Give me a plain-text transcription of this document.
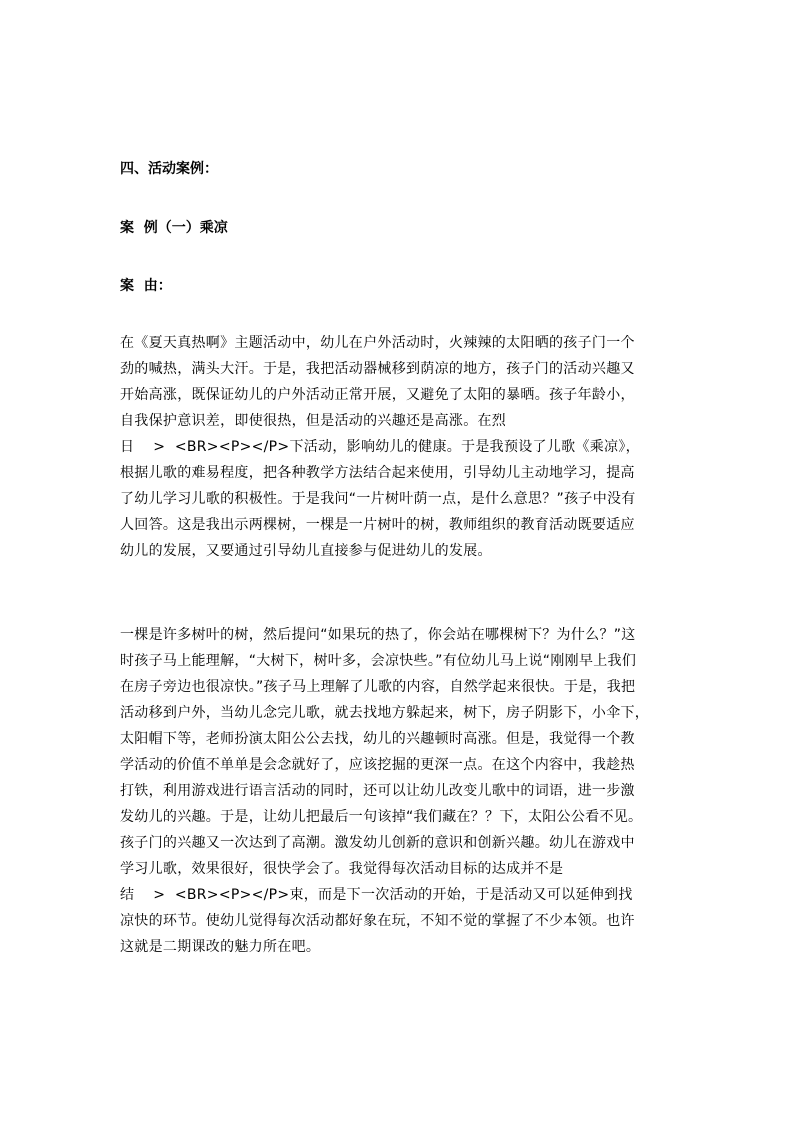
四、活动案例：
案  例（一）乘凉
案  由：
在《夏天真热啊》主题活动中，幼儿在户外活动时，火辣辣的太阳晒的孩子门一个
劲的喊热，满头大汗。于是，我把活动器械移到荫凉的地方，孩子门的活动兴趣又
开始高涨，既保证幼儿的户外活动正常开展，又避免了太阳的暴晒。孩子年龄小，
自我保护意识差，即使很热，但是活动的兴趣还是高涨。在烈
日    >  <BR><P></P>下活动，影响幼儿的健康。于是我预设了儿歌《乘凉》，
根据儿歌的难易程度，把各种教学方法结合起来使用，引导幼儿主动地学习，提高
了幼儿学习儿歌的积极性。于是我问“一片树叶荫一点，是什么意思？”孩子中没有
人回答。这是我出示两棵树，一棵是一片树叶的树，教师组织的教育活动既要适应
幼儿的发展，又要通过引导幼儿直接参与促进幼儿的发展。
一棵是许多树叶的树，然后提问“如果玩的热了，你会站在哪棵树下？为什么？”这
时孩子马上能理解，“大树下，树叶多，会凉快些。”有位幼儿马上说“刚刚早上我们
在房子旁边也很凉快。”孩子马上理解了儿歌的内容，自然学起来很快。于是，我把
活动移到户外，当幼儿念完儿歌，就去找地方躲起来，树下，房子阴影下，小伞下，
太阳帽下等，老师扮演太阳公公去找，幼儿的兴趣顿时高涨。但是，我觉得一个教
学活动的价值不单单是会念就好了，应该挖掘的更深一点。在这个内容中，我趁热
打铁，利用游戏进行语言活动的同时，还可以让幼儿改变儿歌中的词语，进一步激
发幼儿的兴趣。于是，让幼儿把最后一句该掉“我们藏在？？下，太阳公公看不见。
孩子门的兴趣又一次达到了高潮。激发幼儿创新的意识和创新兴趣。幼儿在游戏中
学习儿歌，效果很好，很快学会了。我觉得每次活动目标的达成并不是
结    >  <BR><P></P>束，而是下一次活动的开始，于是活动又可以延伸到找
凉快的环节。使幼儿觉得每次活动都好象在玩，不知不觉的掌握了不少本领。也许
这就是二期课改的魅力所在吧。
